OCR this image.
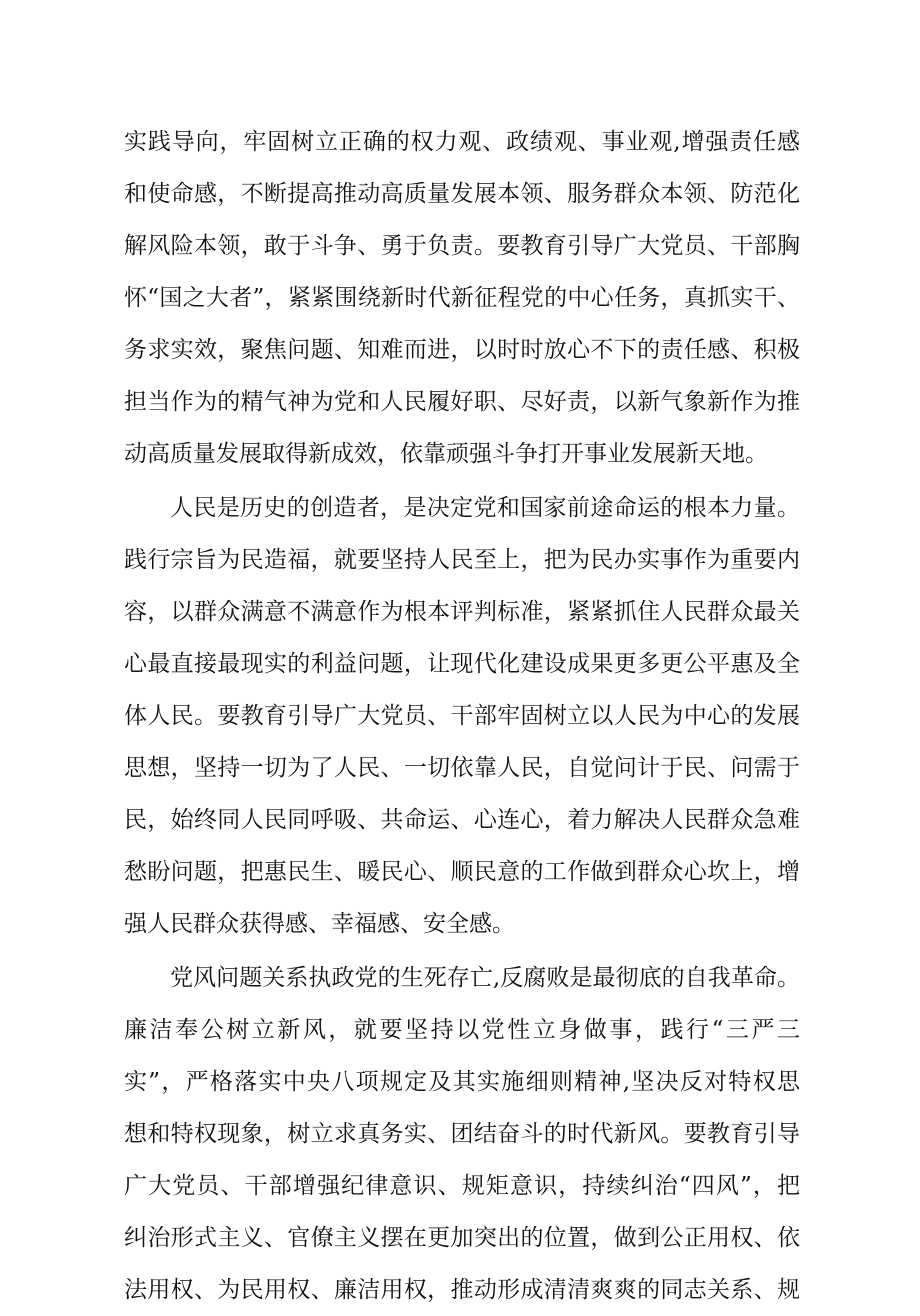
实践导向，牢固树立正确的权力观、政绩观、事业观,增强责任感
和使命感，不断提高推动高质量发展本领、服务群众本领、防范化
解风险本领，敢于斗争、勇于负责。要教育引导广大党员、干部胸
怀“国之大者”，紧紧围绕新时代新征程党的中心任务，真抓实干、
务求实效，聚焦问题、知难而进，以时时放心不下的责任感、积极
担当作为的精气神为党和人民履好职、尽好责，以新气象新作为推
动高质量发展取得新成效，依靠顽强斗争打开事业发展新天地。
人民是历史的创造者，是决定党和国家前途命运的根本力量。
践行宗旨为民造福，就要坚持人民至上，把为民办实事作为重要内
容，以群众满意不满意作为根本评判标准，紧紧抓住人民群众最关
心最直接最现实的利益问题，让现代化建设成果更多更公平惠及全
体人民。要教育引导广大党员、干部牢固树立以人民为中心的发展
思想，坚持一切为了人民、一切依靠人民，自觉问计于民、问需于
民，始终同人民同呼吸、共命运、心连心，着力解决人民群众急难
愁盼问题，把惠民生、暖民心、顺民意的工作做到群众心坎上，增
强人民群众获得感、幸福感、安全感。
党风问题关系执政党的生死存亡,反腐败是最彻底的自我革命。
廉洁奉公树立新风，就要坚持以党性立身做事，践行“三严三
实”，严格落实中央八项规定及其实施细则精神,坚决反对特权思
想和特权现象，树立求真务实、团结奋斗的时代新风。要教育引导
广大党员、干部增强纪律意识、规矩意识，持续纠治“四风”，把
纠治形式主义、官僚主义摆在更加突出的位置，做到公正用权、依
法用权、为民用权、廉洁用权，推动形成清清爽爽的同志关系、规
